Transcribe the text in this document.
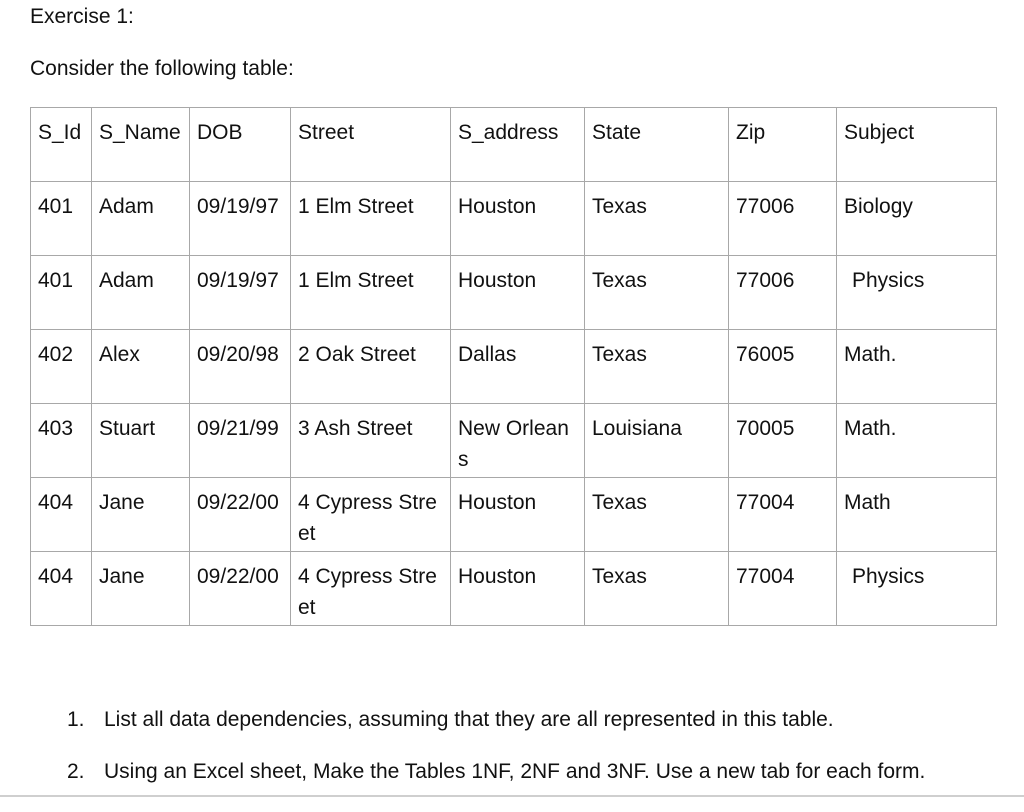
Exercise 1:

Consider the following table:

S_Id	S_Name	DOB	Street	S_address	State	Zip	Subject
401	Adam	09/19/97	1 Elm Street	Houston	Texas	77006	Biology
401	Adam	09/19/97	1 Elm Street	Houston	Texas	77006	Physics
402	Alex	09/20/98	2 Oak Street	Dallas	Texas	76005	Math.
403	Stuart	09/21/99	3 Ash Street	New Orleans	Louisiana	70005	Math.
404	Jane	09/22/00	4 Cypress Street	Houston	Texas	77004	Math
404	Jane	09/22/00	4 Cypress Street	Houston	Texas	77004	Physics
1. List all data dependencies, assuming that they are all represented in this table.
2. Using an Excel sheet, Make the Tables 1NF, 2NF and 3NF. Use a new tab for each form.
